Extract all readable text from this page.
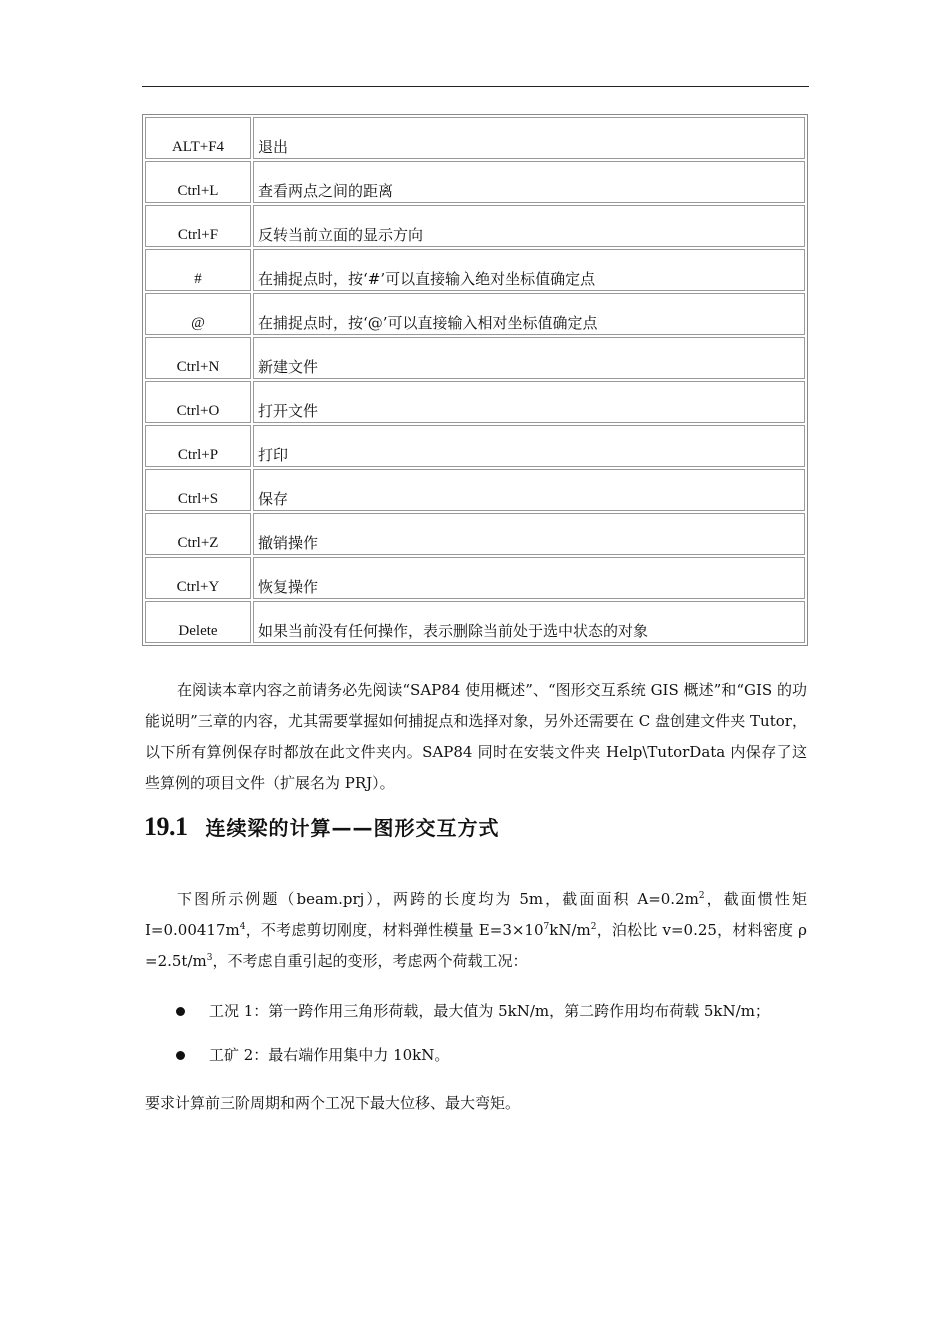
ALT+F4	退出
Ctrl+L	查看两点之间的距离
Ctrl+F	反转当前立面的显示方向
#	在捕捉点时，按‘#’可以直接输入绝对坐标值确定点
@	在捕捉点时，按‘@’可以直接输入相对坐标值确定点
Ctrl+N	新建文件
Ctrl+O	打开文件
Ctrl+P	打印
Ctrl+S	保存
Ctrl+Z	撤销操作
Ctrl+Y	恢复操作
Delete	如果当前没有任何操作，表示删除当前处于选中状态的对象

在阅读本章内容之前请务必先阅读“SAP84 使用概述”、“图形交互系统 GIS 概述”和“GIS 的功能说明”三章的内容，尤其需要掌握如何捕捉点和选择对象，另外还需要在 C 盘创建文件夹 Tutor，以下所有算例保存时都放在此文件夹内。SAP84 同时在安装文件夹 Help\TutorData 内保存了这些算例的项目文件（扩展名为 PRJ）。

19.1 连续梁的计算——图形交互方式

下图所示例题（beam.prj），两跨的长度均为 5m，截面面积 $A=0.2m^2$，截面惯性矩 $I=0.00417m^4$，不考虑剪切刚度，材料弹性模量 $E=3\times 10^7kN/m^2$，泊松比 v=0.25，材料密度 $\rho =2.5t/m^3$，不考虑自重引起的变形，考虑两个荷载工况：

工况 1：第一跨作用三角形荷载，最大值为 5kN/m，第二跨作用均布荷载 5kN/m；
工矿 2：最右端作用集中力 10kN。

要求计算前三阶周期和两个工况下最大位移、最大弯矩。
